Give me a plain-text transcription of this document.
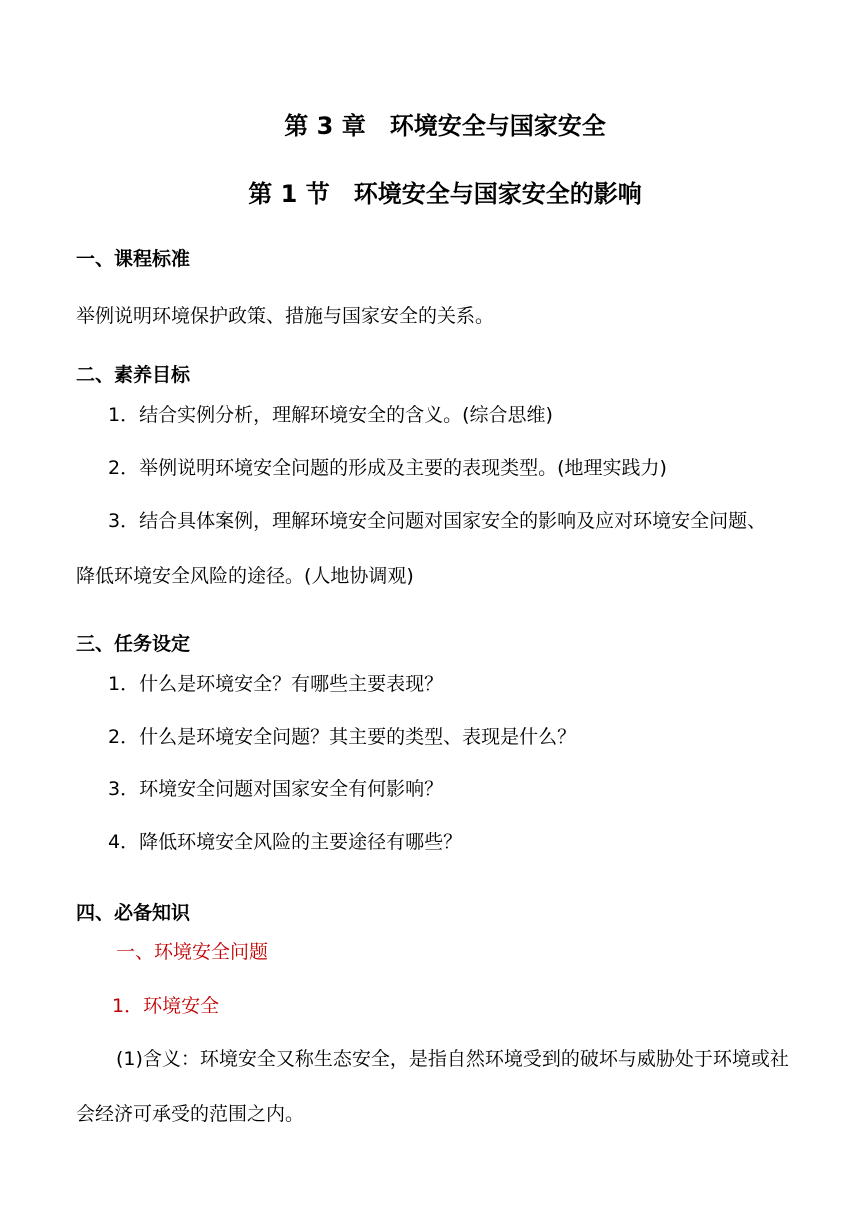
第 3 章　环境安全与国家安全
第 1 节　环境安全与国家安全的影响
一、课程标准
举例说明环境保护政策、措施与国家安全的关系。
二、素养目标
1．结合实例分析，理解环境安全的含义。(综合思维)
2．举例说明环境安全问题的形成及主要的表现类型。(地理实践力)
3．结合具体案例，理解环境安全问题对国家安全的影响及应对环境安全问题、
降低环境安全风险的途径。(人地协调观)
三、任务设定
1．什么是环境安全？有哪些主要表现？
2．什么是环境安全问题？其主要的类型、表现是什么？
3．环境安全问题对国家安全有何影响？
4．降低环境安全风险的主要途径有哪些？
四、必备知识
一、环境安全问题
1．环境安全
(1)含义：环境安全又称生态安全，是指自然环境受到的破坏与威胁处于环境或社
会经济可承受的范围之内。
